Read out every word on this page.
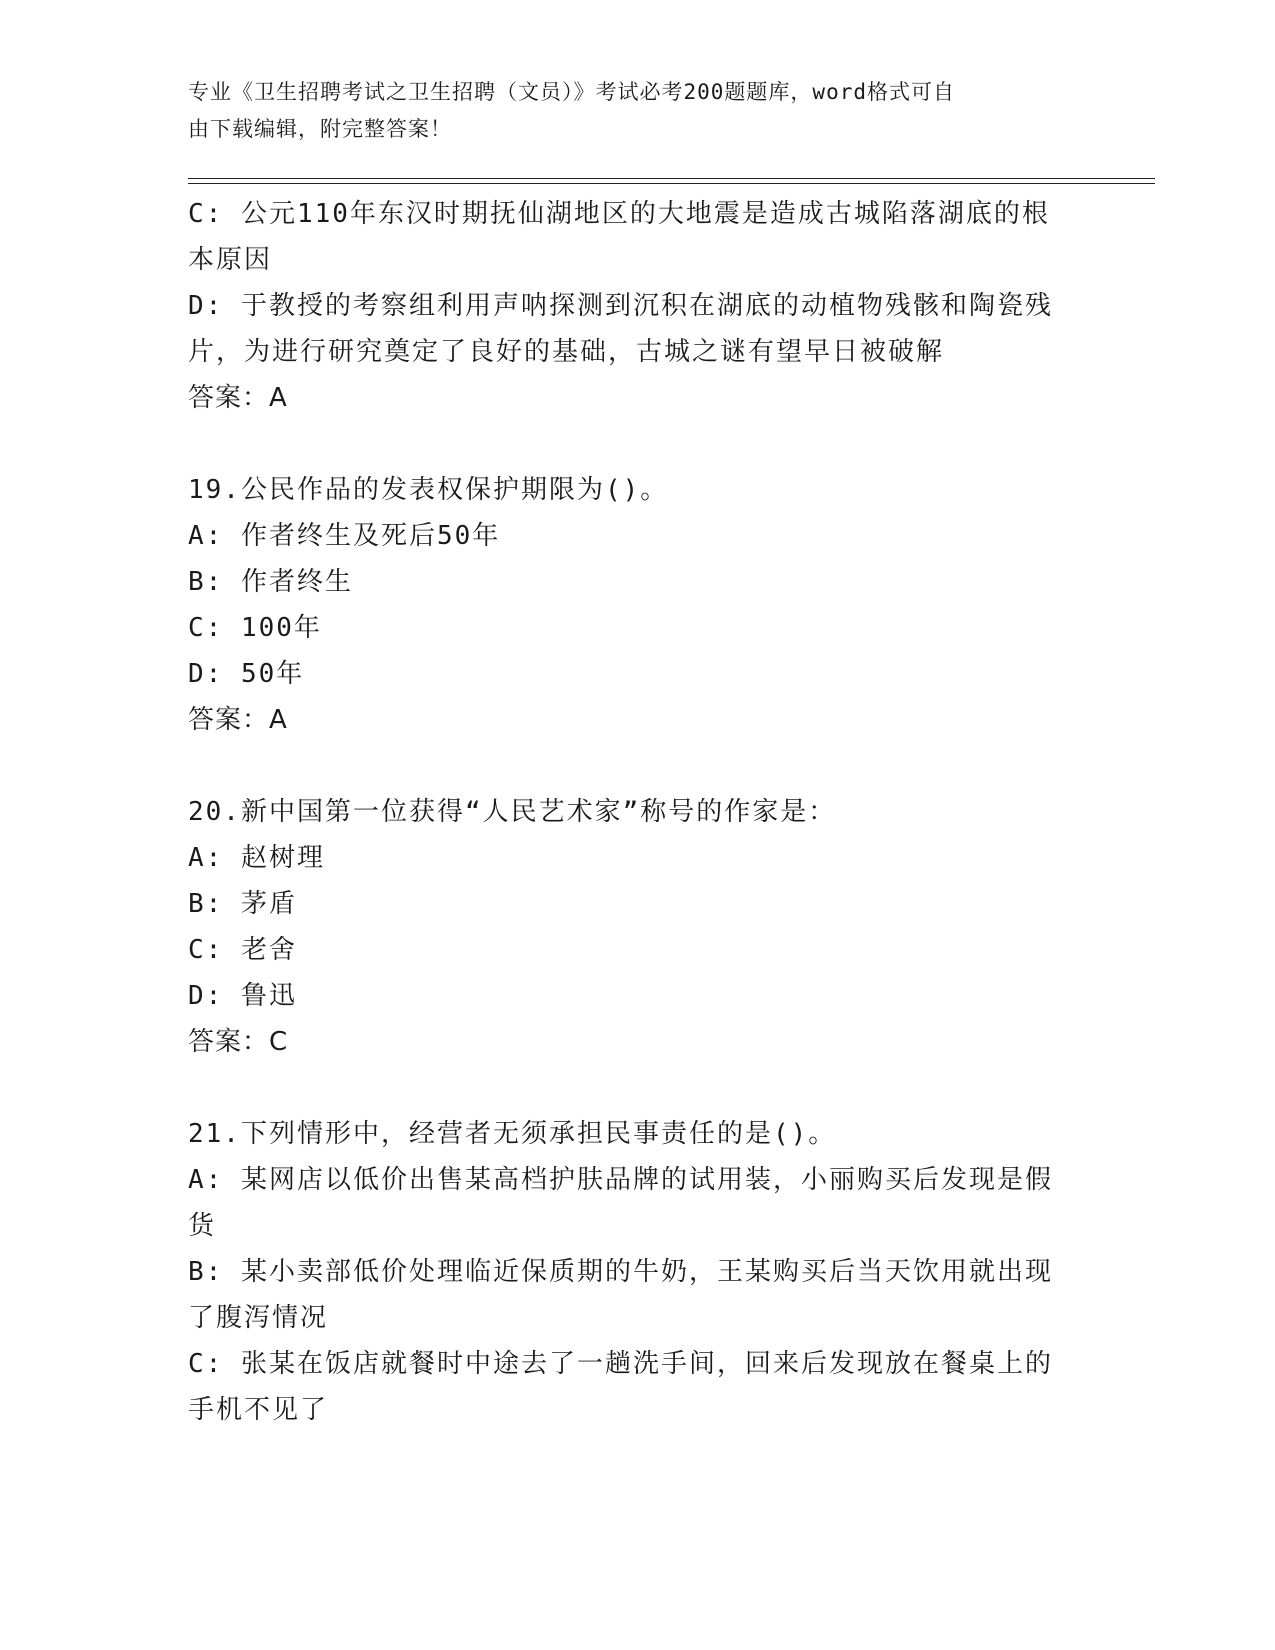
专业《卫生招聘考试之卫生招聘（文员）》考试必考200题题库，word格式可自
由下载编辑，附完整答案！

C: 公元110年东汉时期抚仙湖地区的大地震是造成古城陷落湖底的根

本原因

D: 于教授的考察组利用声呐探测到沉积在湖底的动植物残骸和陶瓷残

片，为进行研究奠定了良好的基础，古城之谜有望早日被破解

答案：A

19.公民作品的发表权保护期限为()。

A: 作者终生及死后50年

B: 作者终生

C: 100年

D: 50年

答案：A

20.新中国第一位获得“人民艺术家”称号的作家是：

A: 赵树理

B: 茅盾

C: 老舍

D: 鲁迅

答案：C

21.下列情形中，经营者无须承担民事责任的是()。

A: 某网店以低价出售某高档护肤品牌的试用装，小丽购买后发现是假

货

B: 某小卖部低价处理临近保质期的牛奶，王某购买后当天饮用就出现

了腹泻情况

C: 张某在饭店就餐时中途去了一趟洗手间，回来后发现放在餐桌上的

手机不见了
